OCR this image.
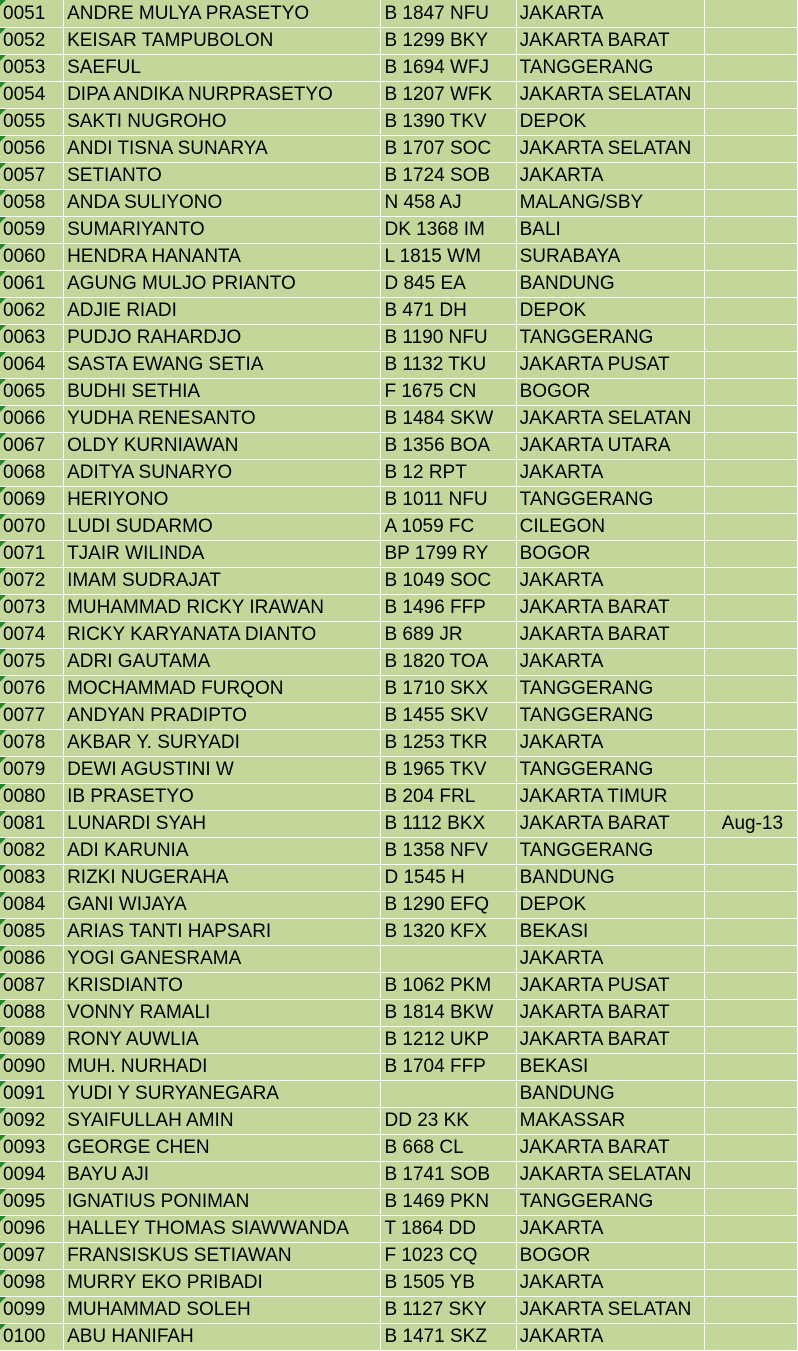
0051	ANDRE MULYA PRASETYO	B 1847 NFU	JAKARTA	
0052	KEISAR TAMPUBOLON	B 1299 BKY	JAKARTA BARAT	
0053	SAEFUL	B 1694 WFJ	TANGGERANG	
0054	DIPA ANDIKA NURPRASETYO	B 1207 WFK	JAKARTA SELATAN	
0055	SAKTI NUGROHO	B 1390 TKV	DEPOK	
0056	ANDI TISNA SUNARYA	B 1707 SOC	JAKARTA SELATAN	
0057	SETIANTO	B 1724 SOB	JAKARTA	
0058	ANDA SULIYONO	N 458 AJ	MALANG/SBY	
0059	SUMARIYANTO	DK 1368 IM	BALI	
0060	HENDRA HANANTA	L 1815 WM	SURABAYA	
0061	AGUNG MULJO PRIANTO	D 845 EA	BANDUNG	
0062	ADJIE RIADI	B 471 DH	DEPOK	
0063	PUDJO RAHARDJO	B 1190 NFU	TANGGERANG	
0064	SASTA EWANG SETIA	B 1132 TKU	JAKARTA PUSAT	
0065	BUDHI SETHIA	F 1675 CN	BOGOR	
0066	YUDHA RENESANTO	B 1484 SKW	JAKARTA SELATAN	
0067	OLDY KURNIAWAN	B 1356 BOA	JAKARTA UTARA	
0068	ADITYA SUNARYO	B 12 RPT	JAKARTA	
0069	HERIYONO	B 1011 NFU	TANGGERANG	
0070	LUDI SUDARMO	A 1059 FC	CILEGON	
0071	TJAIR WILINDA	BP 1799 RY	BOGOR	
0072	IMAM SUDRAJAT	B 1049 SOC	JAKARTA	
0073	MUHAMMAD RICKY IRAWAN	B 1496 FFP	JAKARTA BARAT	
0074	RICKY KARYANATA DIANTO	B 689 JR	JAKARTA BARAT	
0075	ADRI GAUTAMA	B 1820 TOA	JAKARTA	
0076	MOCHAMMAD FURQON	B 1710 SKX	TANGGERANG	
0077	ANDYAN PRADIPTO	B 1455 SKV	TANGGERANG	
0078	AKBAR Y. SURYADI	B 1253 TKR	JAKARTA	
0079	DEWI AGUSTINI W	B 1965 TKV	TANGGERANG	
0080	IB PRASETYO	B 204 FRL	JAKARTA TIMUR	
0081	LUNARDI SYAH	B 1112 BKX	JAKARTA BARAT	Aug-13
0082	ADI KARUNIA	B 1358 NFV	TANGGERANG	
0083	RIZKI NUGERAHA	D 1545 H	BANDUNG	
0084	GANI WIJAYA	B 1290 EFQ	DEPOK	
0085	ARIAS TANTI HAPSARI	B 1320 KFX	BEKASI	
0086	YOGI GANESRAMA		JAKARTA	
0087	KRISDIANTO	B 1062 PKM	JAKARTA PUSAT	
0088	VONNY RAMALI	B 1814 BKW	JAKARTA BARAT	
0089	RONY AUWLIA	B 1212 UKP	JAKARTA BARAT	
0090	MUH. NURHADI	B 1704 FFP	BEKASI	
0091	YUDI Y SURYANEGARA		BANDUNG	
0092	SYAIFULLAH AMIN	DD 23 KK	MAKASSAR	
0093	GEORGE CHEN	B 668 CL	JAKARTA BARAT	
0094	BAYU AJI	B 1741 SOB	JAKARTA SELATAN	
0095	IGNATIUS PONIMAN	B 1469 PKN	TANGGERANG	
0096	HALLEY THOMAS SIAWWANDA	T 1864 DD	JAKARTA	
0097	FRANSISKUS SETIAWAN	F 1023 CQ	BOGOR	
0098	MURRY EKO PRIBADI	B 1505 YB	JAKARTA	
0099	MUHAMMAD SOLEH	B 1127 SKY	JAKARTA SELATAN	
0100	ABU HANIFAH	B 1471 SKZ	JAKARTA	
